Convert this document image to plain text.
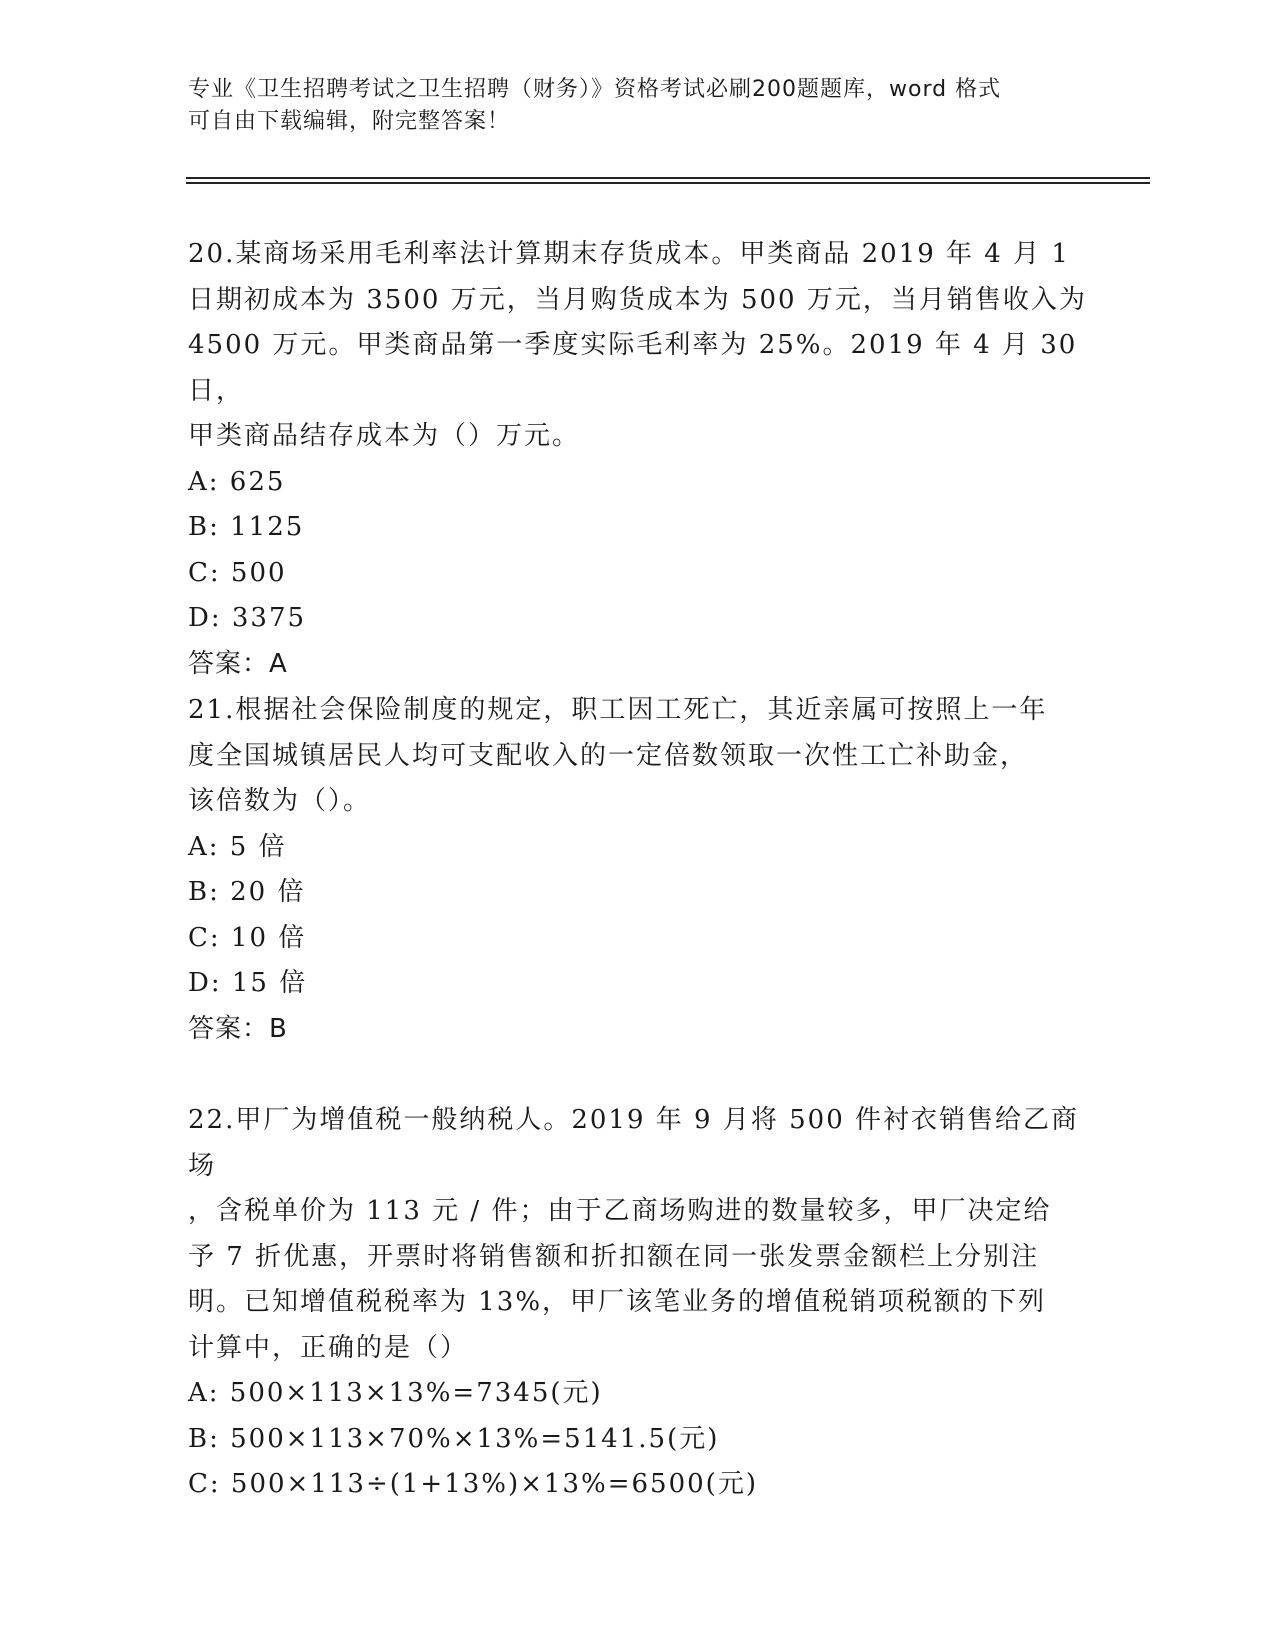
专业《卫生招聘考试之卫生招聘（财务）》资格考试必刷200题题库，word 格式
可自由下载编辑，附完整答案！

20.某商场采用毛利率法计算期末存货成本。甲类商品 2019 年 4 月 1

日期初成本为 3500 万元，当月购货成本为 500 万元，当月销售收入为

4500 万元。甲类商品第一季度实际毛利率为 25%。2019 年 4 月 30 日，

甲类商品结存成本为（）万元。

A: 625

B: 1125

C: 500

D: 3375

答案：A

21.根据社会保险制度的规定，职工因工死亡，其近亲属可按照上一年

度全国城镇居民人均可支配收入的一定倍数领取一次性工亡补助金，

该倍数为（）。

A: 5 倍

B: 20 倍

C: 10 倍

D: 15 倍

答案：B

22.甲厂为增值税一般纳税人。2019 年 9 月将 500 件衬衣销售给乙商场

，含税单价为 113 元 / 件；由于乙商场购进的数量较多，甲厂决定给

予 7 折优惠，开票时将销售额和折扣额在同一张发票金额栏上分别注

明。已知增值税税率为 13%，甲厂该笔业务的增值税销项税额的下列

计算中，正确的是（）

A: 500×113×13%=7345(元)

B: 500×113×70%×13%=5141.5(元)

C: 500×113÷(1+13%)×13%=6500(元)
